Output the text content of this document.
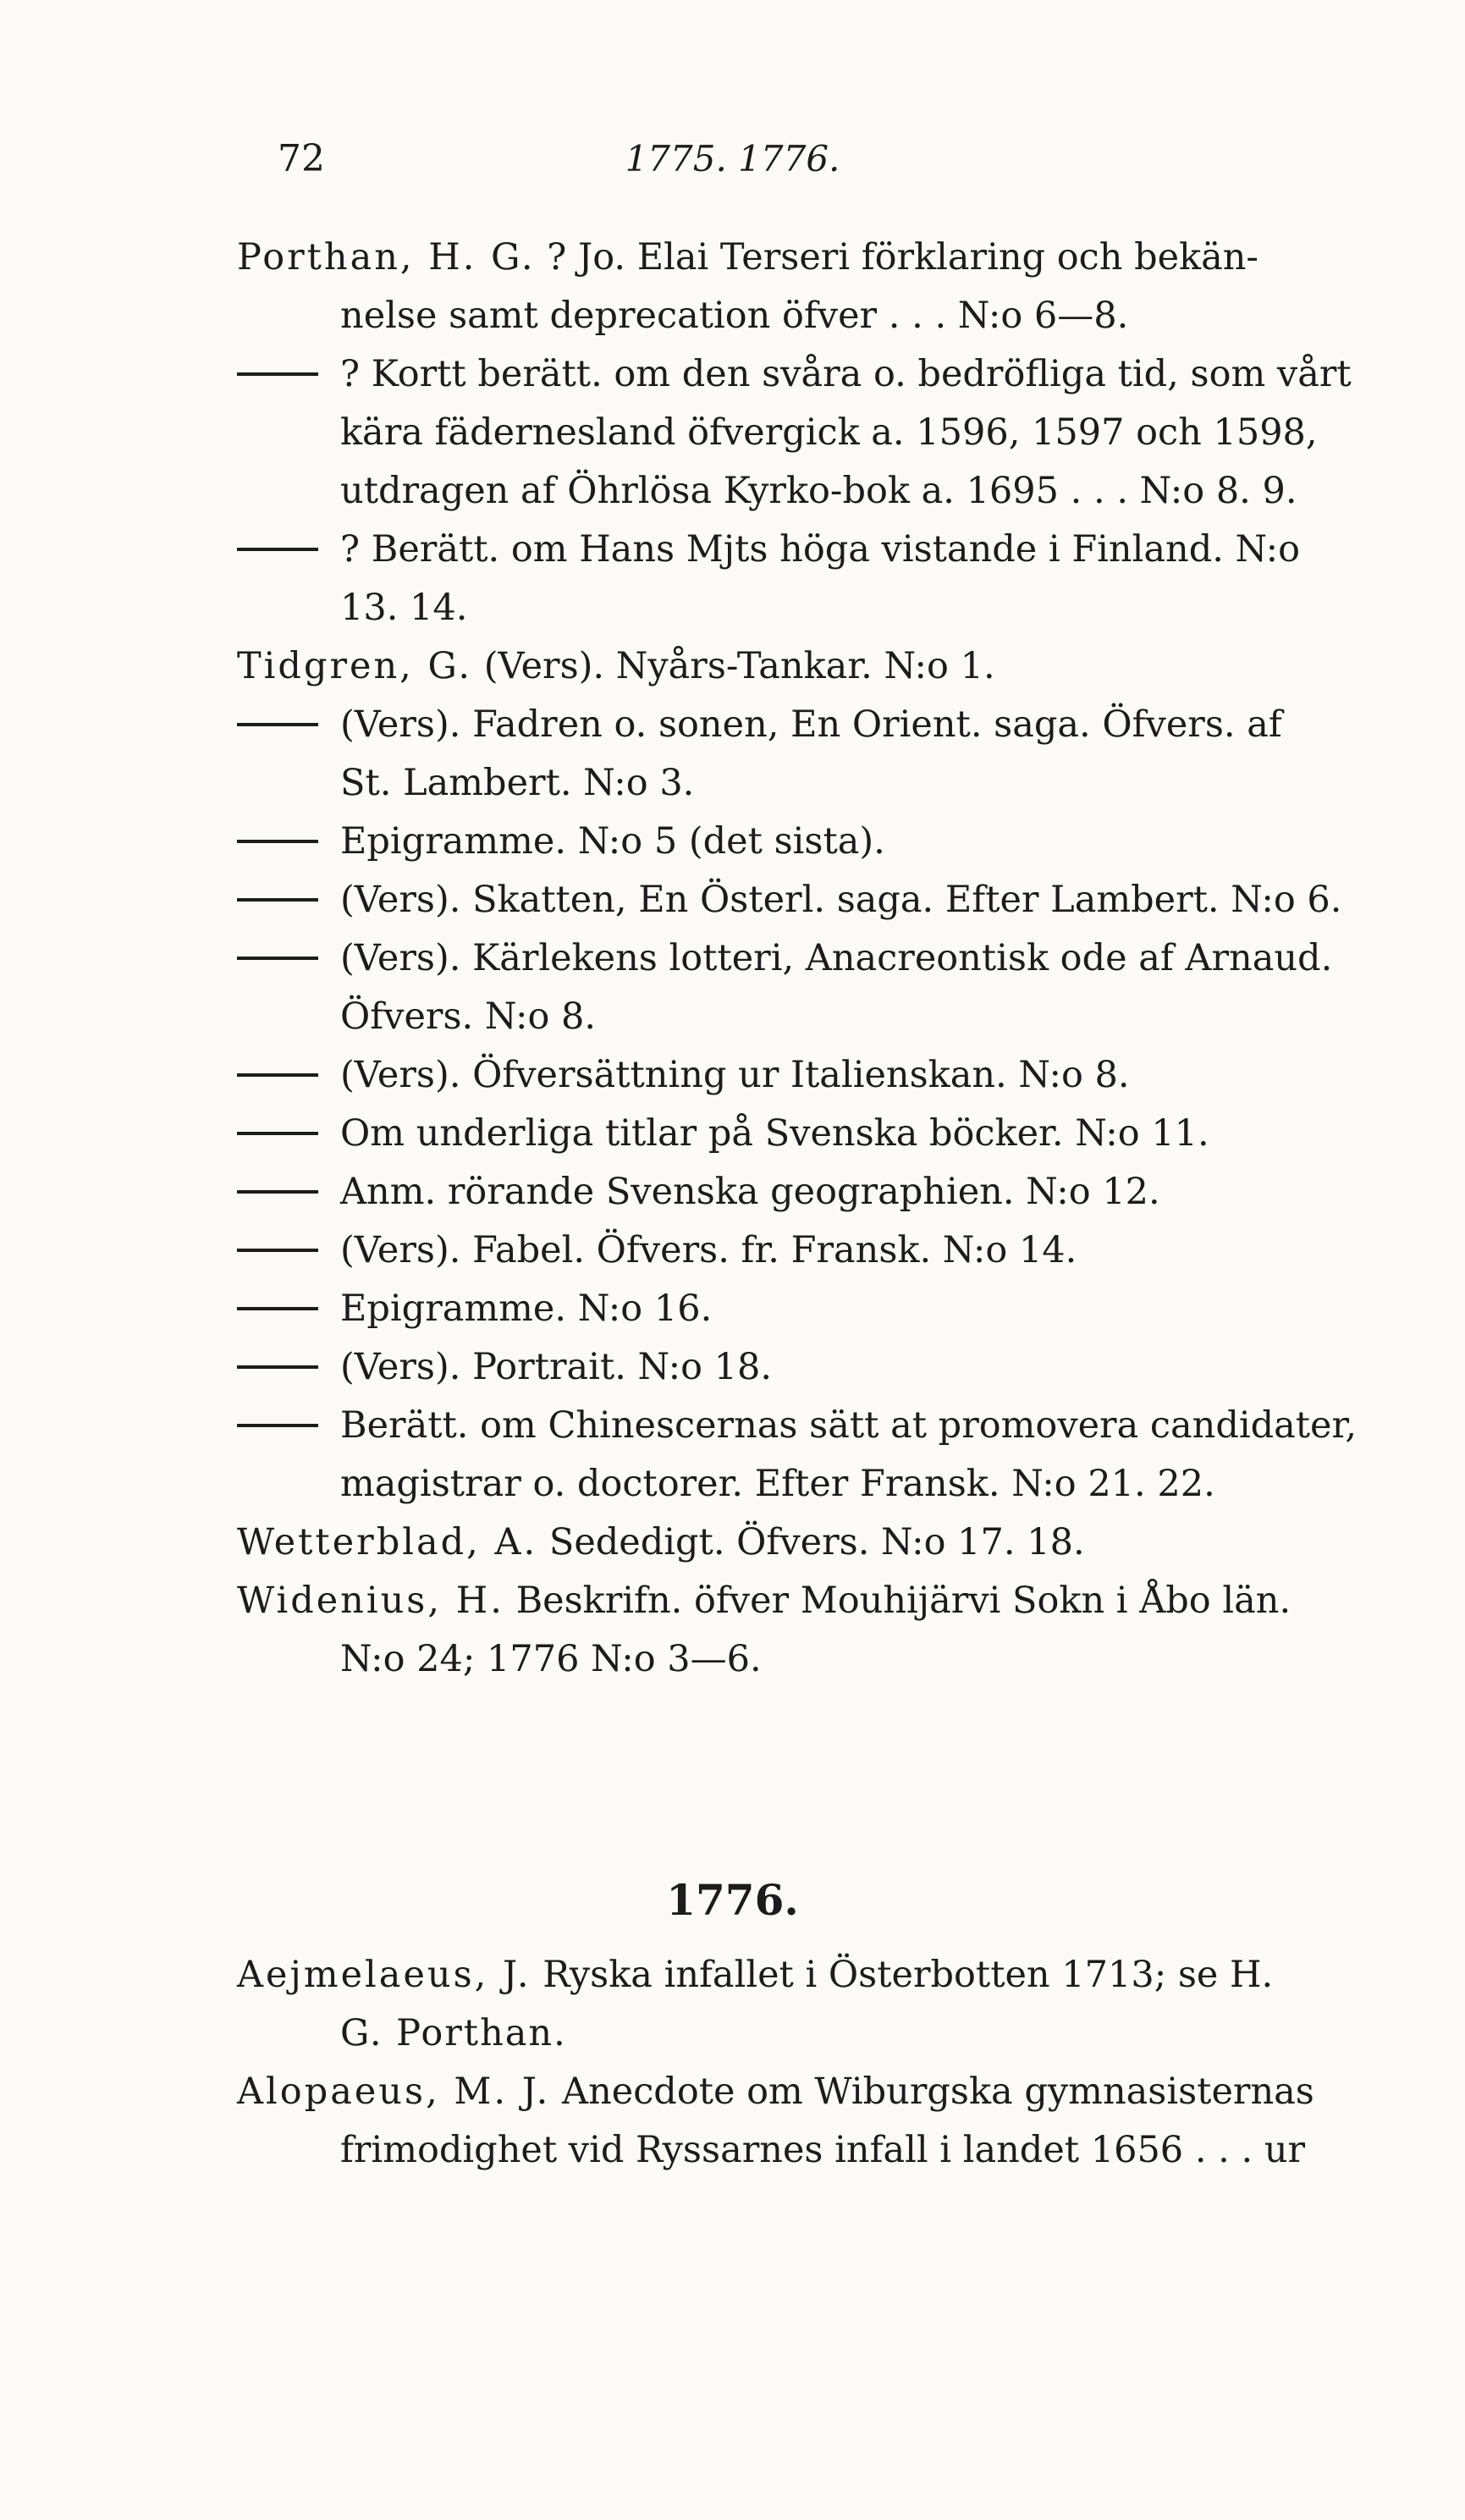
72	1775. 1776.
Porthan, H. G. ? Jo. Elai Terseri förklaring och bekän-
nelse samt deprecation öfver . . . N:o 6—8.
? Kortt berätt. om den svåra o. bedröfliga tid, som vårt
kära fädernesland öfvergick a. 1596, 1597 och 1598,
utdragen af Öhrlösa Kyrko-bok a. 1695 . . . N:o 8. 9.
? Berätt. om Hans Mjts höga vistande i Finland. N:o
13. 14.
Tidgren, G. (Vers). Nyårs-Tankar. N:o 1.
(Vers). Fadren o. sonen, En Orient. saga. Öfvers. af
St. Lambert. N:o 3.
Epigramme. N:o 5 (det sista).
(Vers). Skatten, En Österl. saga. Efter Lambert. N:o 6.
(Vers). Kärlekens lotteri, Anacreontisk ode af Arnaud.
Öfvers. N:o 8.
(Vers). Öfversättning ur Italienskan. N:o 8.
Om underliga titlar på Svenska böcker. N:o 11.
Anm. rörande Svenska geographien. N:o 12.
(Vers). Fabel. Öfvers. fr. Fransk. N:o 14.
Epigramme. N:o 16.
(Vers). Portrait. N:o 18.
Berätt. om Chinescernas sätt at promovera candidater,
magistrar o. doctorer. Efter Fransk. N:o 21. 22.
Wetterblad, A. Sededigt. Öfvers. N:o 17. 18.
Widenius, H. Beskrifn. öfver Mouhijärvi Sokn i Åbo län.
N:o 24; 1776 N:o 3—6.
1776.
Aejmelaeus, J. Ryska infallet i Österbotten 1713; se H.
G. Porthan.
Alopaeus, M. J. Anecdote om Wiburgska gymnasisternas
frimodighet vid Ryssarnes infall i landet 1656 . . . ur
